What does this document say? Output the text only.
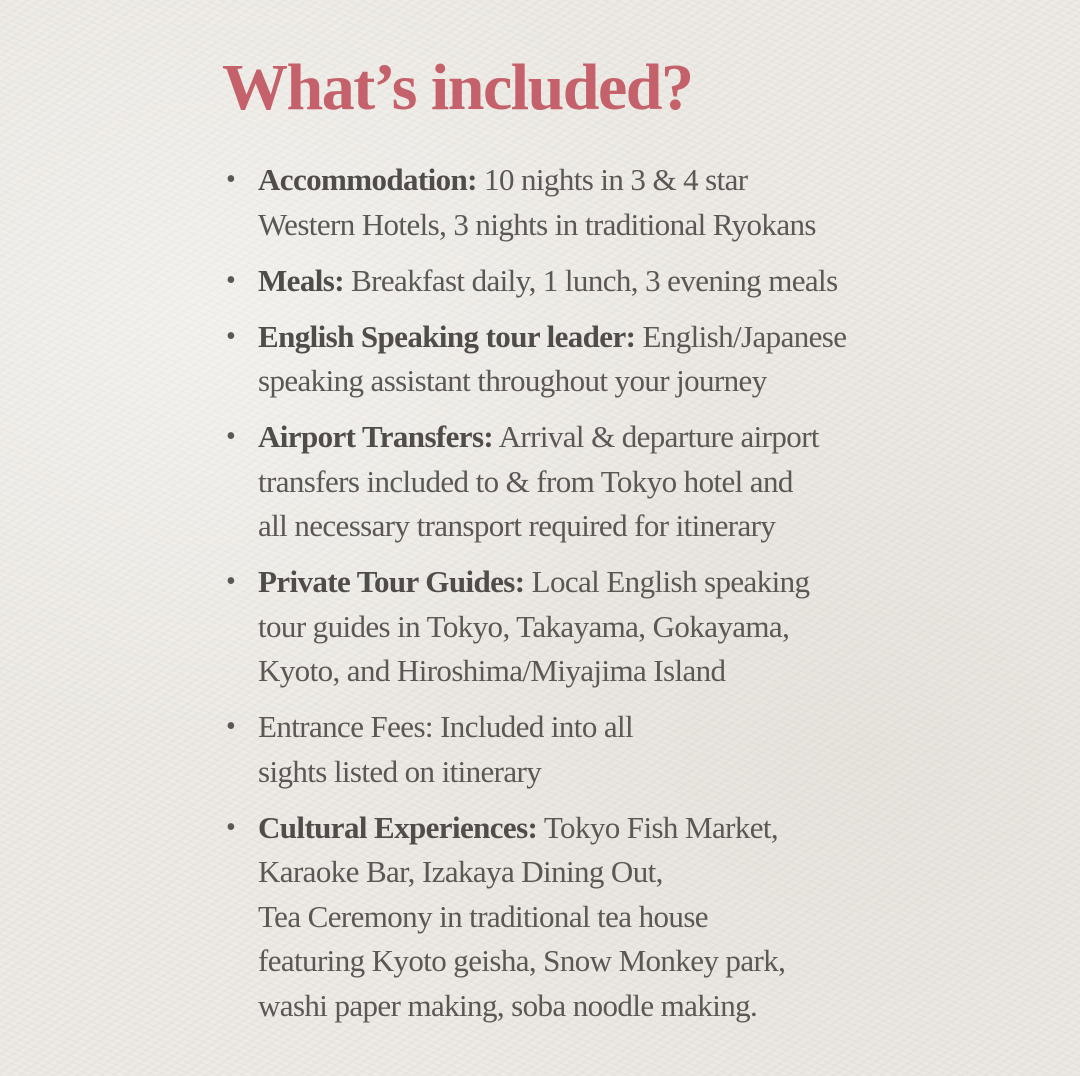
What’s included?
• Accommodation: 10 nights in 3 & 4 star
Western Hotels, 3 nights in traditional Ryokans
• Meals: Breakfast daily, 1 lunch, 3 evening meals
• English Speaking tour leader: English/Japanese
speaking assistant throughout your journey
• Airport Transfers: Arrival & departure airport
transfers included to & from Tokyo hotel and
all necessary transport required for itinerary
• Private Tour Guides: Local English speaking
tour guides in Tokyo, Takayama, Gokayama,
Kyoto, and Hiroshima/Miyajima Island
• Entrance Fees: Included into all
sights listed on itinerary
• Cultural Experiences: Tokyo Fish Market,
Karaoke Bar, Izakaya Dining Out,
Tea Ceremony in traditional tea house
featuring Kyoto geisha, Snow Monkey park,
washi paper making, soba noodle making.
